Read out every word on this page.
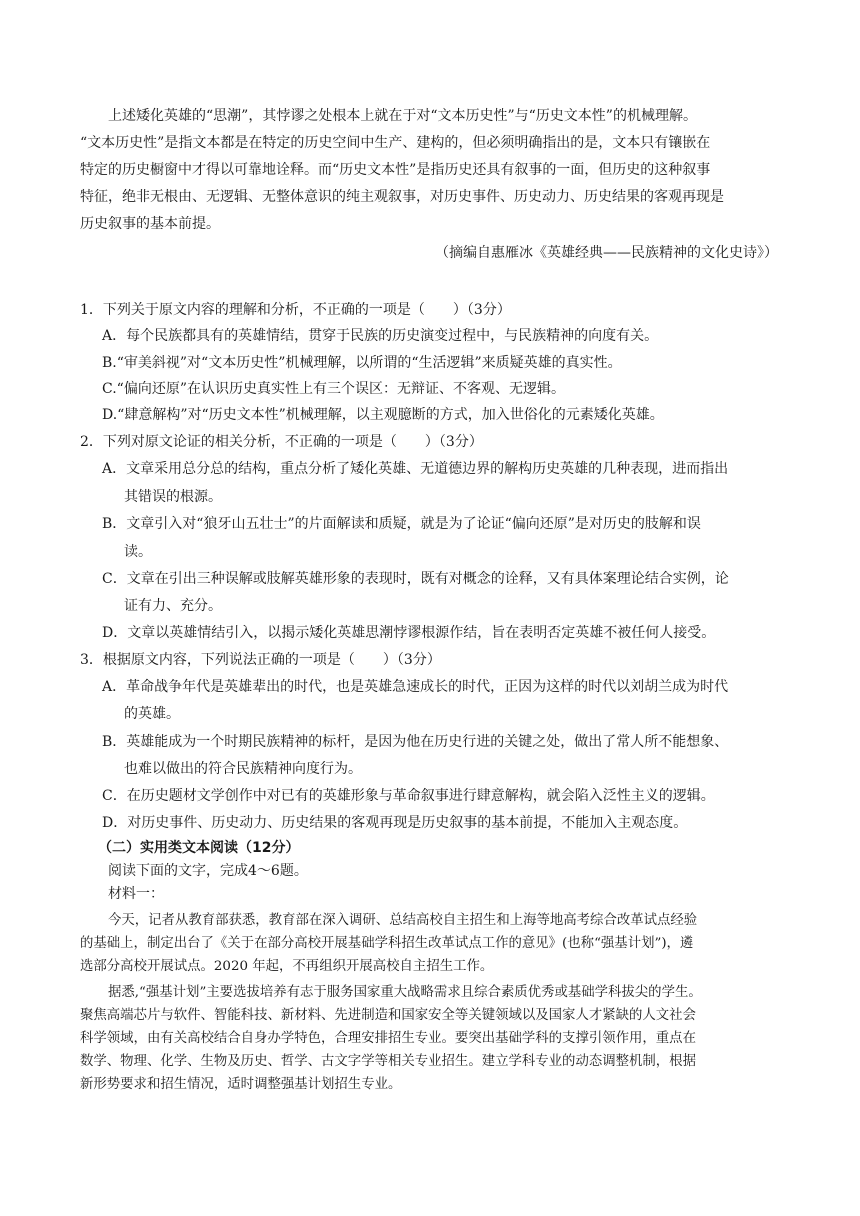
上述矮化英雄的“思潮”，其悖谬之处根本上就在于对“文本历史性”与“历史文本性”的机械理解。
“文本历史性”是指文本都是在特定的历史空间中生产、建构的，但必须明确指出的是，文本只有镶嵌在
特定的历史橱窗中才得以可靠地诠释。而“历史文本性”是指历史还具有叙事的一面，但历史的这种叙事
特征，绝非无根由、无逻辑、无整体意识的纯主观叙事，对历史事件、历史动力、历史结果的客观再现是
历史叙事的基本前提。
（摘编自惠雁冰《英雄经典——民族精神的文化史诗》）
1．下列关于原文内容的理解和分析，不正确的一项是（　　）（3分）
A．每个民族都具有的英雄情结，贯穿于民族的历史演变过程中，与民族精神的向度有关。
B.“审美斜视”对“文本历史性”机械理解，以所谓的“生活逻辑”来质疑英雄的真实性。
C.“偏向还原”在认识历史真实性上有三个误区：无辩证、不客观、无逻辑。
D.“肆意解构”对“历史文本性”机械理解，以主观臆断的方式，加入世俗化的元素矮化英雄。
2．下列对原文论证的相关分析，不正确的一项是（　　）（3分）
A．文章采用总分总的结构，重点分析了矮化英雄、无道德边界的解构历史英雄的几种表现，进而指出
其错误的根源。
B．文章引入对“狼牙山五壮士”的片面解读和质疑，就是为了论证“偏向还原”是对历史的肢解和误
读。
C．文章在引出三种误解或肢解英雄形象的表现时，既有对概念的诠释，又有具体案理论结合实例，论
证有力、充分。
D．文章以英雄情结引入，以揭示矮化英雄思潮悖谬根源作结，旨在表明否定英雄不被任何人接受。
3．根据原文内容，下列说法正确的一项是（　　）（3分）
A．革命战争年代是英雄辈出的时代，也是英雄急速成长的时代，正因为这样的时代以刘胡兰成为时代
的英雄。
B．英雄能成为一个时期民族精神的标杆，是因为他在历史行进的关键之处，做出了常人所不能想象、
也难以做出的符合民族精神向度行为。
C．在历史题材文学创作中对已有的英雄形象与革命叙事进行肆意解构，就会陷入泛性主义的逻辑。
D．对历史事件、历史动力、历史结果的客观再现是历史叙事的基本前提，不能加入主观态度。
（二）实用类文本阅读（12分）
阅读下面的文字，完成4～6题。
材料一：
今天，记者从教育部获悉，教育部在深入调研、总结高校自主招生和上海等地高考综合改革试点经验
的基础上，制定出台了《关于在部分高校开展基础学科招生改革试点工作的意见》(也称“强基计划”)，遴
选部分高校开展试点。2020 年起，不再组织开展高校自主招生工作。
据悉,“强基计划”主要选拔培养有志于服务国家重大战略需求且综合素质优秀或基础学科拔尖的学生。
聚焦高端芯片与软件、智能科技、新材料、先进制造和国家安全等关键领域以及国家人才紧缺的人文社会
科学领域，由有关高校结合自身办学特色，合理安排招生专业。要突出基础学科的支撑引领作用，重点在
数学、物理、化学、生物及历史、哲学、古文字学等相关专业招生。建立学科专业的动态调整机制，根据
新形势要求和招生情况，适时调整强基计划招生专业。
